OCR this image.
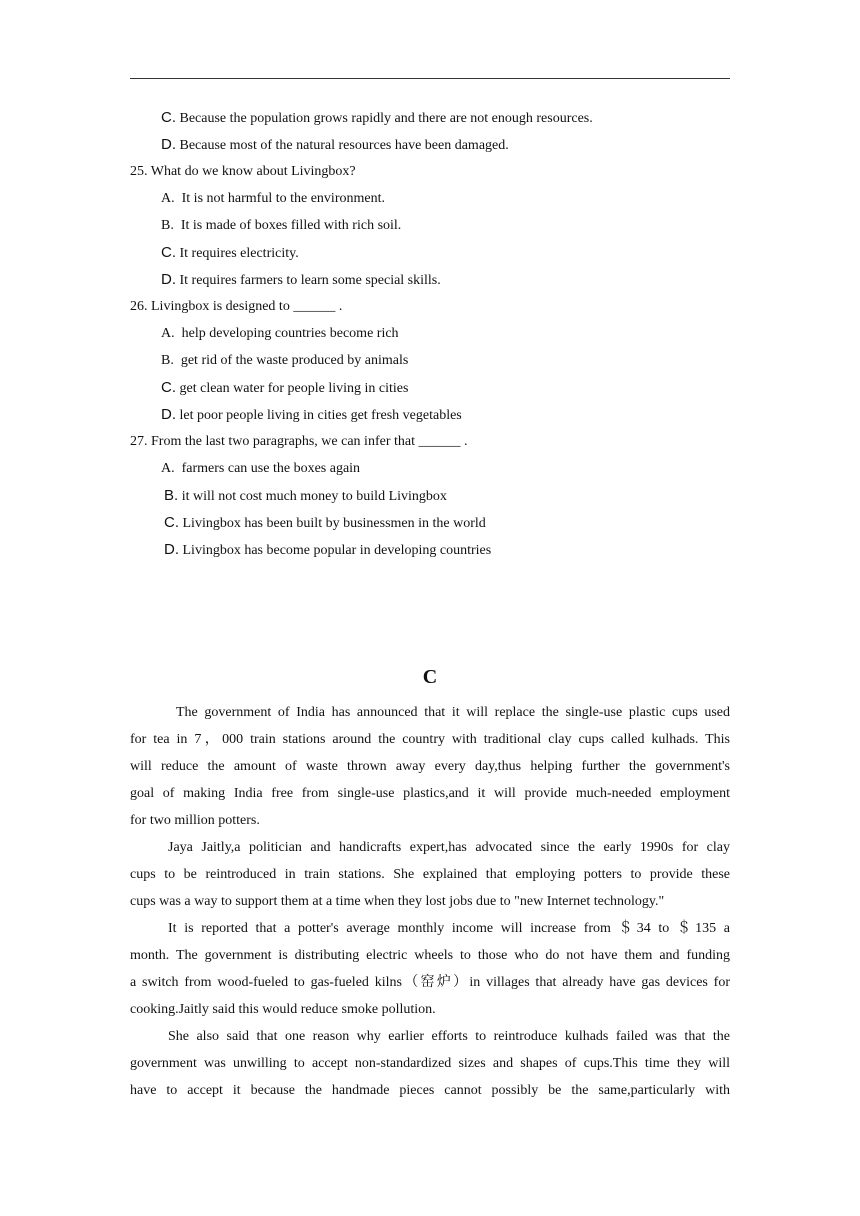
C. Because the population grows rapidly and there are not enough resources.
D. Because most of the natural resources have been damaged.
25. What do we know about Livingbox?
A.  It is not harmful to the environment.
B.  It is made of boxes filled with rich soil.
C. It requires electricity.
D. It requires farmers to learn some special skills.
26. Livingbox is designed to ______ .
A.  help developing countries become rich
B.  get rid of the waste produced by animals
C. get clean water for people living in cities
D. let poor people living in cities get fresh vegetables
27. From the last two paragraphs, we can infer that ______ .
A.  farmers can use the boxes again
B. it will not cost much money to build Livingbox
C. Livingbox has been built by businessmen in the world
D. Livingbox has become popular in developing countries
C
The government of India has announced that it will replace the single-use plastic cups used
for tea in 7，000 train stations around the country with traditional clay cups called kulhads. This
will reduce the amount of waste thrown away every day,thus helping further the government's
goal of making India free from single-use plastics,and it will provide much-needed employment
for two million potters.
Jaya Jaitly,a politician and handicrafts expert,has advocated since the early 1990s for clay
cups to be reintroduced in train stations. She explained that employing potters to provide these
cups was a way to support them at a time when they lost jobs due to "new Internet technology."
It is reported that a potter's average monthly income will increase from ＄34 to ＄135 a
month. The government is distributing electric wheels to those who do not have them and funding
a switch from wood-fueled to gas-fueled kilns（窑炉）in villages that already have gas devices for
cooking.Jaitly said this would reduce smoke pollution.
She also said that one reason why earlier efforts to reintroduce kulhads failed was that the
government was unwilling to accept non-standardized sizes and shapes of cups.This time they will
have to accept it because the handmade pieces cannot possibly be the same,particularly with
